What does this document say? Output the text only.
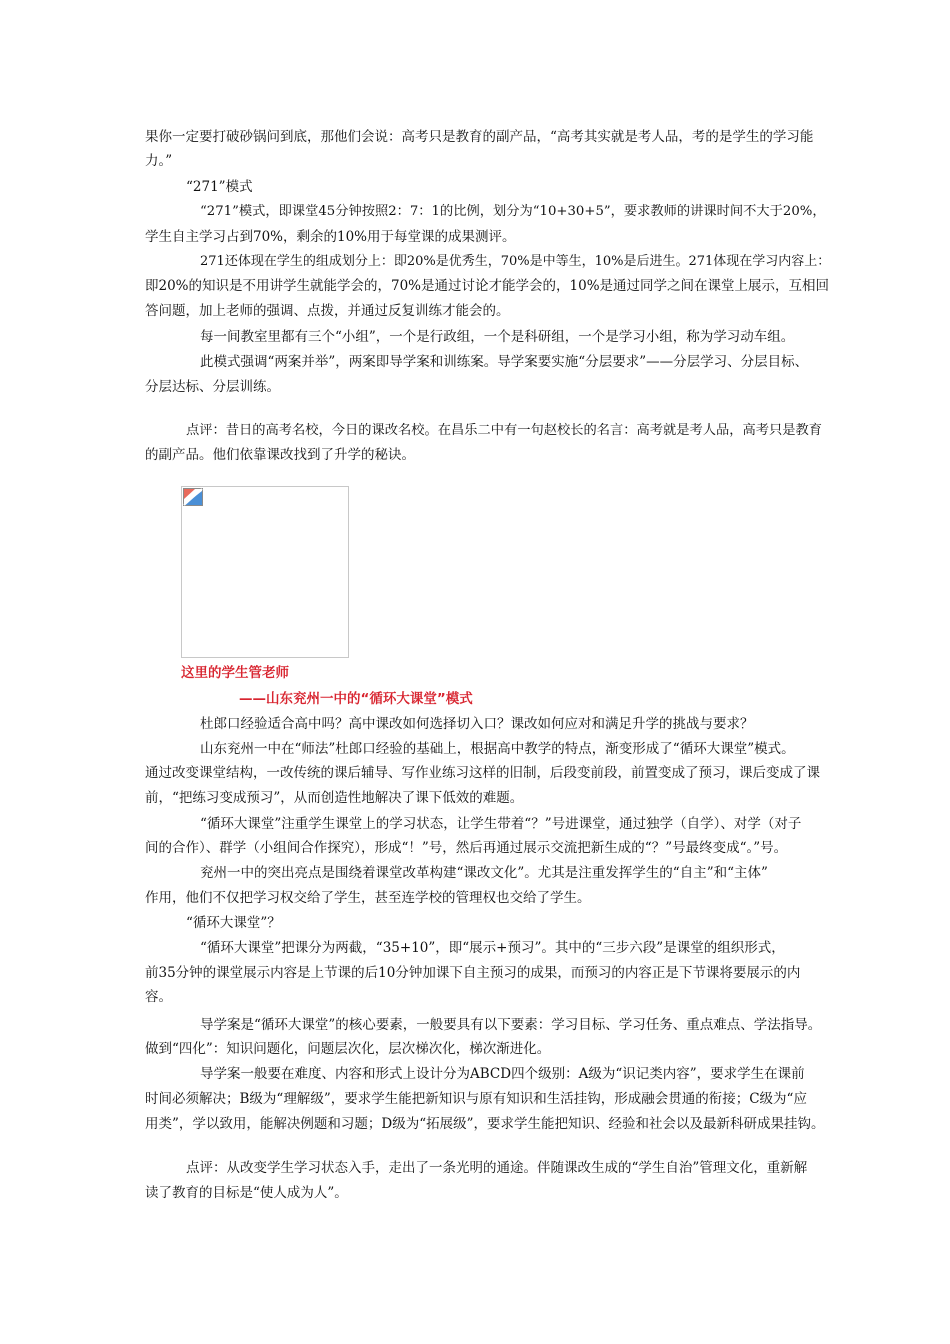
果你一定要打破砂锅问到底，那他们会说：高考只是教育的副产品，“高考其实就是考人品，考的是学生的学习能
力。”
“271”模式
“271”模式，即课堂45分钟按照2：7：1的比例，划分为“10+30+5”，要求教师的讲课时间不大于20%，
学生自主学习占到70%，剩余的10%用于每堂课的成果测评。
271还体现在学生的组成划分上：即20%是优秀生，70%是中等生，10%是后进生。271体现在学习内容上：
即20%的知识是不用讲学生就能学会的，70%是通过讨论才能学会的，10%是通过同学之间在课堂上展示，互相回
答问题，加上老师的强调、点拨，并通过反复训练才能会的。
每一间教室里都有三个“小组”，一个是行政组，一个是科研组，一个是学习小组，称为学习动车组。
此模式强调“两案并举”，两案即导学案和训练案。导学案要实施“分层要求”——分层学习、分层目标、
分层达标、分层训练。
点评：昔日的高考名校，今日的课改名校。在昌乐二中有一句赵校长的名言：高考就是考人品，高考只是教育
的副产品。他们依靠课改找到了升学的秘诀。
这里的学生管老师
——山东兖州一中的“循环大课堂”模式
杜郎口经验适合高中吗？高中课改如何选择切入口？课改如何应对和满足升学的挑战与要求？
山东兖州一中在“师法”杜郎口经验的基础上，根据高中教学的特点，渐变形成了“循环大课堂”模式。
通过改变课堂结构，一改传统的课后辅导、写作业练习这样的旧制，后段变前段，前置变成了预习，课后变成了课
前，“把练习变成预习”，从而创造性地解决了课下低效的难题。
“循环大课堂”注重学生课堂上的学习状态，让学生带着“？”号进课堂，通过独学（自学）、对学（对子
间的合作）、群学（小组间合作探究），形成“！”号，然后再通过展示交流把新生成的“？”号最终变成“。”号。
兖州一中的突出亮点是围绕着课堂改革构建“课改文化”。尤其是注重发挥学生的“自主”和“主体”
作用，他们不仅把学习权交给了学生，甚至连学校的管理权也交给了学生。
“循环大课堂”？
“循环大课堂”把课分为两截，“35+10”，即“展示+预习”。其中的“三步六段”是课堂的组织形式，
前35分钟的课堂展示内容是上节课的后10分钟加课下自主预习的成果，而预习的内容正是下节课将要展示的内
容。
导学案是“循环大课堂”的核心要素，一般要具有以下要素：学习目标、学习任务、重点难点、学法指导。
做到“四化”：知识问题化，问题层次化，层次梯次化，梯次渐进化。
导学案一般要在难度、内容和形式上设计分为ABCD四个级别：A级为“识记类内容”，要求学生在课前
时间必须解决；B级为“理解级”，要求学生能把新知识与原有知识和生活挂钩，形成融会贯通的衔接；C级为“应
用类”，学以致用，能解决例题和习题；D级为“拓展级”，要求学生能把知识、经验和社会以及最新科研成果挂钩。
点评：从改变学生学习状态入手，走出了一条光明的通途。伴随课改生成的“学生自治”管理文化，重新解
读了教育的目标是“使人成为人”。
